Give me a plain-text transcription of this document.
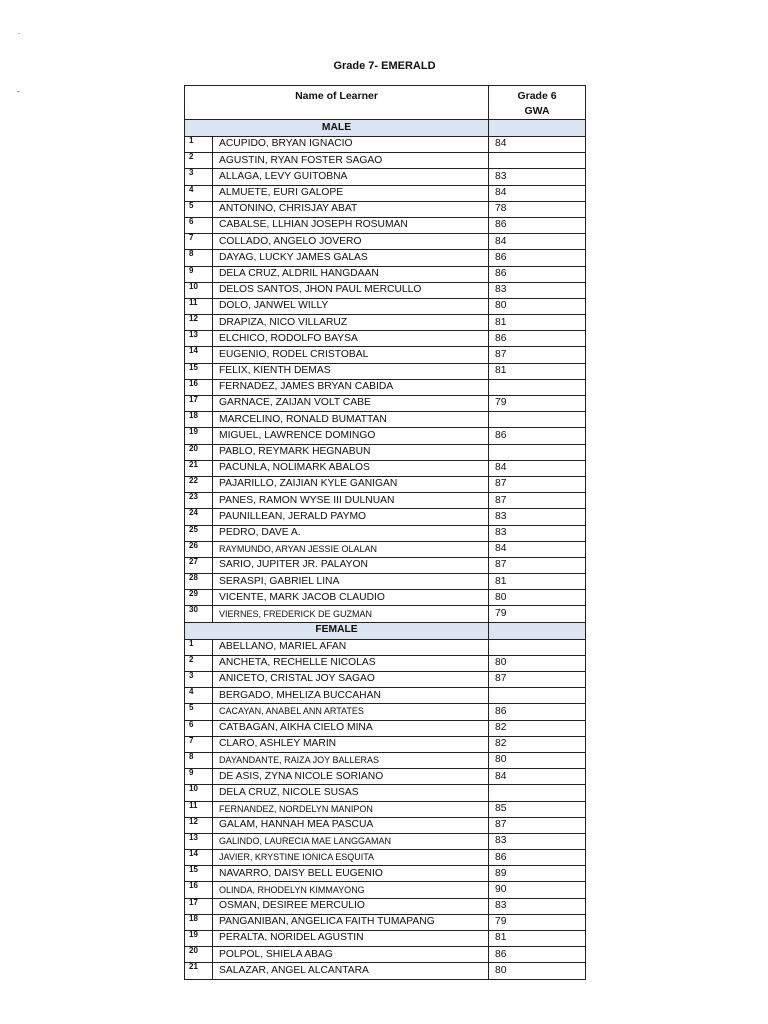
.
-
Grade 7- EMERALD
Name of Learner		Grade 6
GWA
MALE		
1	ACUPIDO, BRYAN IGNACIO	84
2	AGUSTIN, RYAN FOSTER SAGAO	
3	ALLAGA, LEVY GUITOBNA	83
4	ALMUETE, EURI GALOPE	84
5	ANTONINO, CHRISJAY ABAT	78
6	CABALSE, LLHIAN JOSEPH ROSUMAN	86
7	COLLADO, ANGELO JOVERO	84
8	DAYAG, LUCKY JAMES GALAS	86
9	DELA CRUZ, ALDRIL HANGDAAN	86
10	DELOS SANTOS, JHON PAUL MERCULLO	83
11	DOLO, JANWEL WILLY	80
12	DRAPIZA, NICO VILLARUZ	81
13	ELCHICO, RODOLFO BAYSA	86
14	EUGENIO, RODEL CRISTOBAL	87
15	FELIX, KIENTH DEMAS	81
16	FERNADEZ, JAMES BRYAN CABIDA	
17	GARNACE, ZAIJAN VOLT CABE	79
18	MARCELINO, RONALD BUMATTAN	
19	MIGUEL, LAWRENCE DOMINGO	86
20	PABLO, REYMARK HEGNABUN	
21	PACUNLA, NOLIMARK ABALOS	84
22	PAJARILLO, ZAIJIAN KYLE GANIGAN	87
23	PANES, RAMON WYSE III DULNUAN	87
24	PAUNILLEAN, JERALD PAYMO	83
25	PEDRO, DAVE A.	83
26	RAYMUNDO, ARYAN JESSIE OLALAN	84
27	SARIO, JUPITER JR. PALAYON	87
28	SERASPI, GABRIEL LINA	81
29	VICENTE, MARK JACOB CLAUDIO	80
30	VIERNES, FREDERICK DE GUZMAN	79
FEMALE		
1	ABELLANO, MARIEL AFAN	
2	ANCHETA, RECHELLE NICOLAS	80
3	ANICETO, CRISTAL JOY SAGAO	87
4	BERGADO, MHELIZA BUCCAHAN	
5	CACAYAN, ANABEL ANN ARTATES	86
6	CATBAGAN, AIKHA CIELO MINA	82
7	CLARO, ASHLEY MARIN	82
8	DAYANDANTE, RAIZA JOY BALLERAS	80
9	DE ASIS, ZYNA NICOLE SORIANO	84
10	DELA CRUZ, NICOLE SUSAS	
11	FERNANDEZ, NORDELYN MANIPON	85
12	GALAM, HANNAH MEA PASCUA	87
13	GALINDO, LAURECIA MAE LANGGAMAN	83
14	JAVIER, KRYSTINE IONICA ESQUITA	86
15	NAVARRO, DAISY BELL EUGENIO	89
16	OLINDA, RHODELYN KIMMAYONG	90
17	OSMAN, DESIREE MERCULIO	83
18	PANGANIBAN, ANGELICA FAITH TUMAPANG	79
19	PERALTA, NORIDEL AGUSTIN	81
20	POLPOL, SHIELA ABAG	86
21	SALAZAR, ANGEL ALCANTARA	80
